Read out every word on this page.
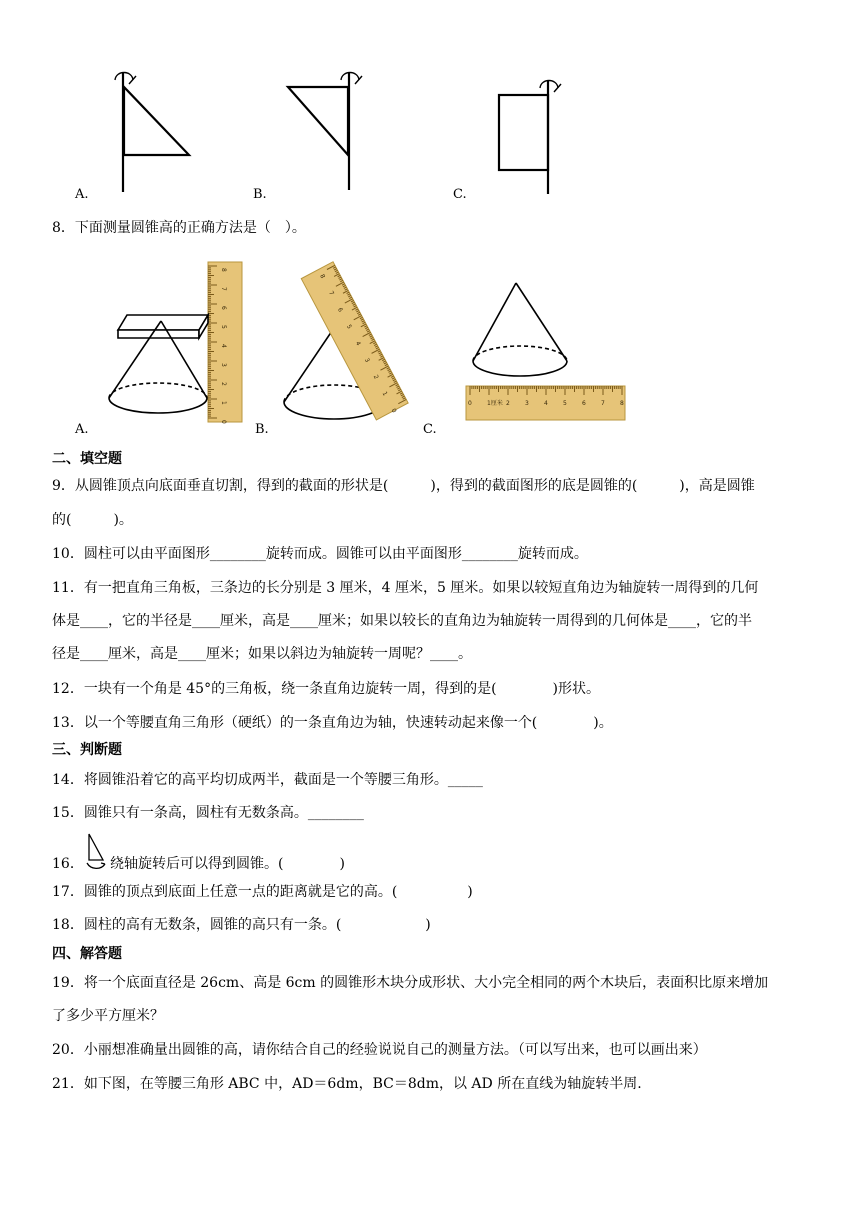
A.	B.	C.
8．下面测量圆锥高的正确方法是（　）。
8
7
6
5
4
3
2
1
0
8
7
6
5
4
3
2
1
0
0	1厘米 2	3	4	5	6	7	8
A.	B.	C.
二、填空题
9．从圆锥顶点向底面垂直切割，得到的截面的形状是(　　　)，得到的截面图形的底是圆锥的(　　　)，高是圆锥
的(　　　)。
10．圆柱可以由平面图形________旋转而成。圆锥可以由平面图形________旋转而成。
11．有一把直角三角板，三条边的长分别是 3 厘米，4 厘米，5 厘米。如果以较短直角边为轴旋转一周得到的几何
体是____，它的半径是____厘米，高是____厘米；如果以较长的直角边为轴旋转一周得到的几何体是____，它的半
径是____厘米，高是____厘米；如果以斜边为轴旋转一周呢？____。
12．一块有一个角是 45°的三角板，绕一条直角边旋转一周，得到的是(　　　　)形状。
13．以一个等腰直角三角形（硬纸）的一条直角边为轴，快速转动起来像一个(　　　　)。
三、判断题
14．将圆锥沿着它的高平均切成两半，截面是一个等腰三角形。_____
15．圆锥只有一条高，圆柱有无数条高。________
16． 绕轴旋转后可以得到圆锥。(　　　　)
17．圆锥的顶点到底面上任意一点的距离就是它的高。(　　　　　)
18．圆柱的高有无数条，圆锥的高只有一条。(　　　　　　)
四、解答题
19．将一个底面直径是 26cm、高是 6cm 的圆锥形木块分成形状、大小完全相同的两个木块后，表面积比原来增加
了多少平方厘米？
20．小丽想准确量出圆锥的高，请你结合自己的经验说说自己的测量方法。（可以写出来，也可以画出来）
21．如下图，在等腰三角形 ABC 中，AD＝6dm，BC＝8dm，以 AD 所在直线为轴旋转半周.
